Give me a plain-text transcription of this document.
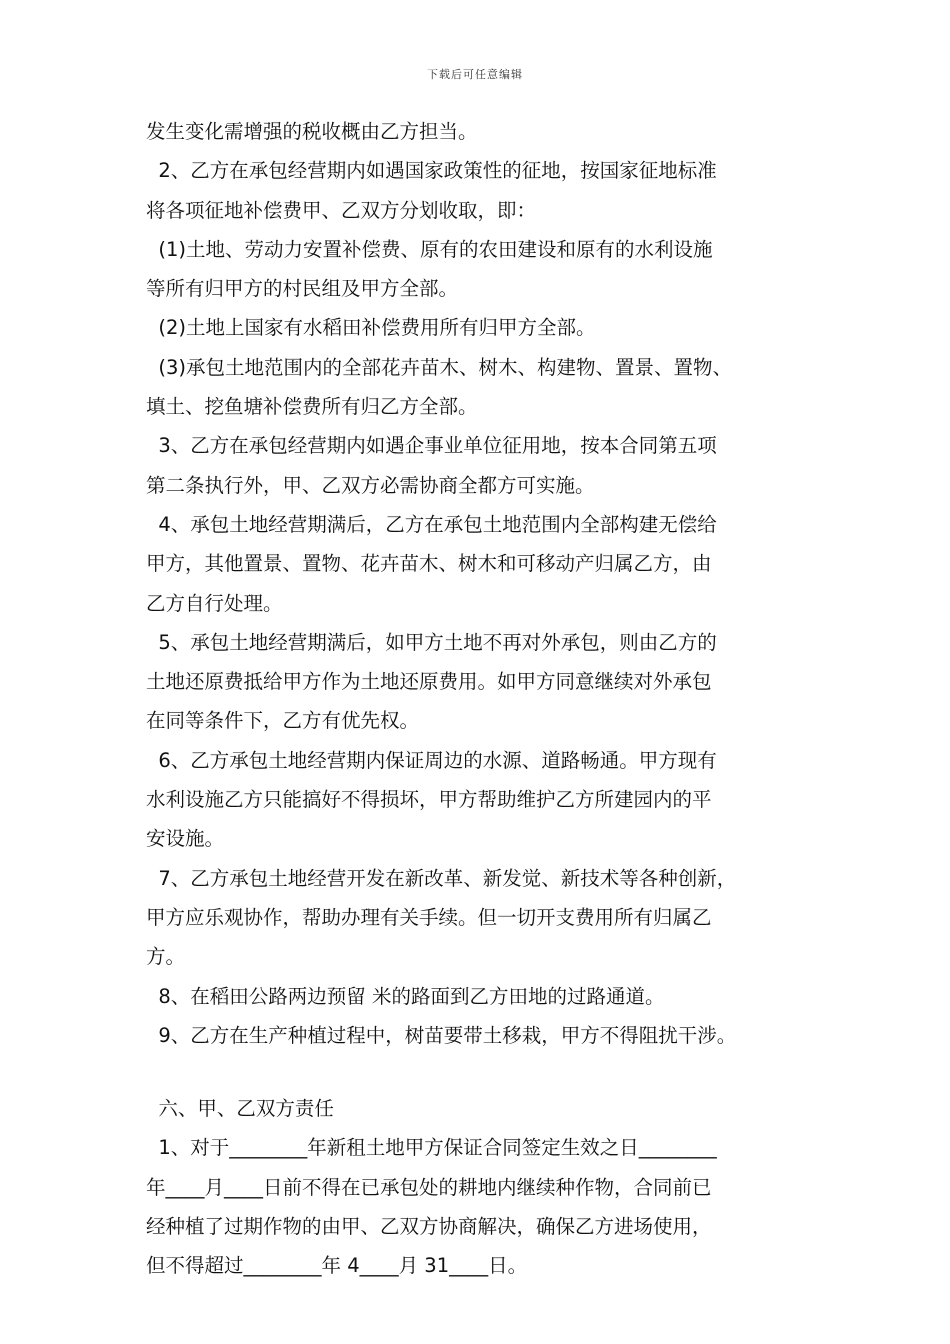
下载后可任意编辑
发生变化需增强的税收概由乙方担当。
2、乙方在承包经营期内如遇国家政策性的征地，按国家征地标准
将各项征地补偿费甲、乙双方分划收取，即：
(1)土地、劳动力安置补偿费、原有的农田建设和原有的水利设施
等所有归甲方的村民组及甲方全部。
(2)土地上国家有水稻田补偿费用所有归甲方全部。
(3)承包土地范围内的全部花卉苗木、树木、构建物、置景、置物、
填土、挖鱼塘补偿费所有归乙方全部。
3、乙方在承包经营期内如遇企事业单位征用地，按本合同第五项
第二条执行外，甲、乙双方必需协商全都方可实施。
4、承包土地经营期满后，乙方在承包土地范围内全部构建无偿给
甲方，其他置景、置物、花卉苗木、树木和可移动产归属乙方，由
乙方自行处理。
5、承包土地经营期满后，如甲方土地不再对外承包，则由乙方的
土地还原费抵给甲方作为土地还原费用。如甲方同意继续对外承包
在同等条件下，乙方有优先权。
6、乙方承包土地经营期内保证周边的水源、道路畅通。甲方现有
水利设施乙方只能搞好不得损坏，甲方帮助维护乙方所建园内的平
安设施。
7、乙方承包土地经营开发在新改革、新发觉、新技术等各种创新，
甲方应乐观协作，帮助办理有关手续。但一切开支费用所有归属乙
方。
8、在稻田公路两边预留 米的路面到乙方田地的过路通道。
9、乙方在生产种植过程中，树苗要带土移栽，甲方不得阻扰干涉。
六、甲、乙双方责任
1、对于________年新租土地甲方保证合同签定生效之日________
年____月____日前不得在已承包处的耕地内继续种作物，合同前已
经种植了过期作物的由甲、乙双方协商解决，确保乙方进场使用，
但不得超过________年 4____月 31____日。
